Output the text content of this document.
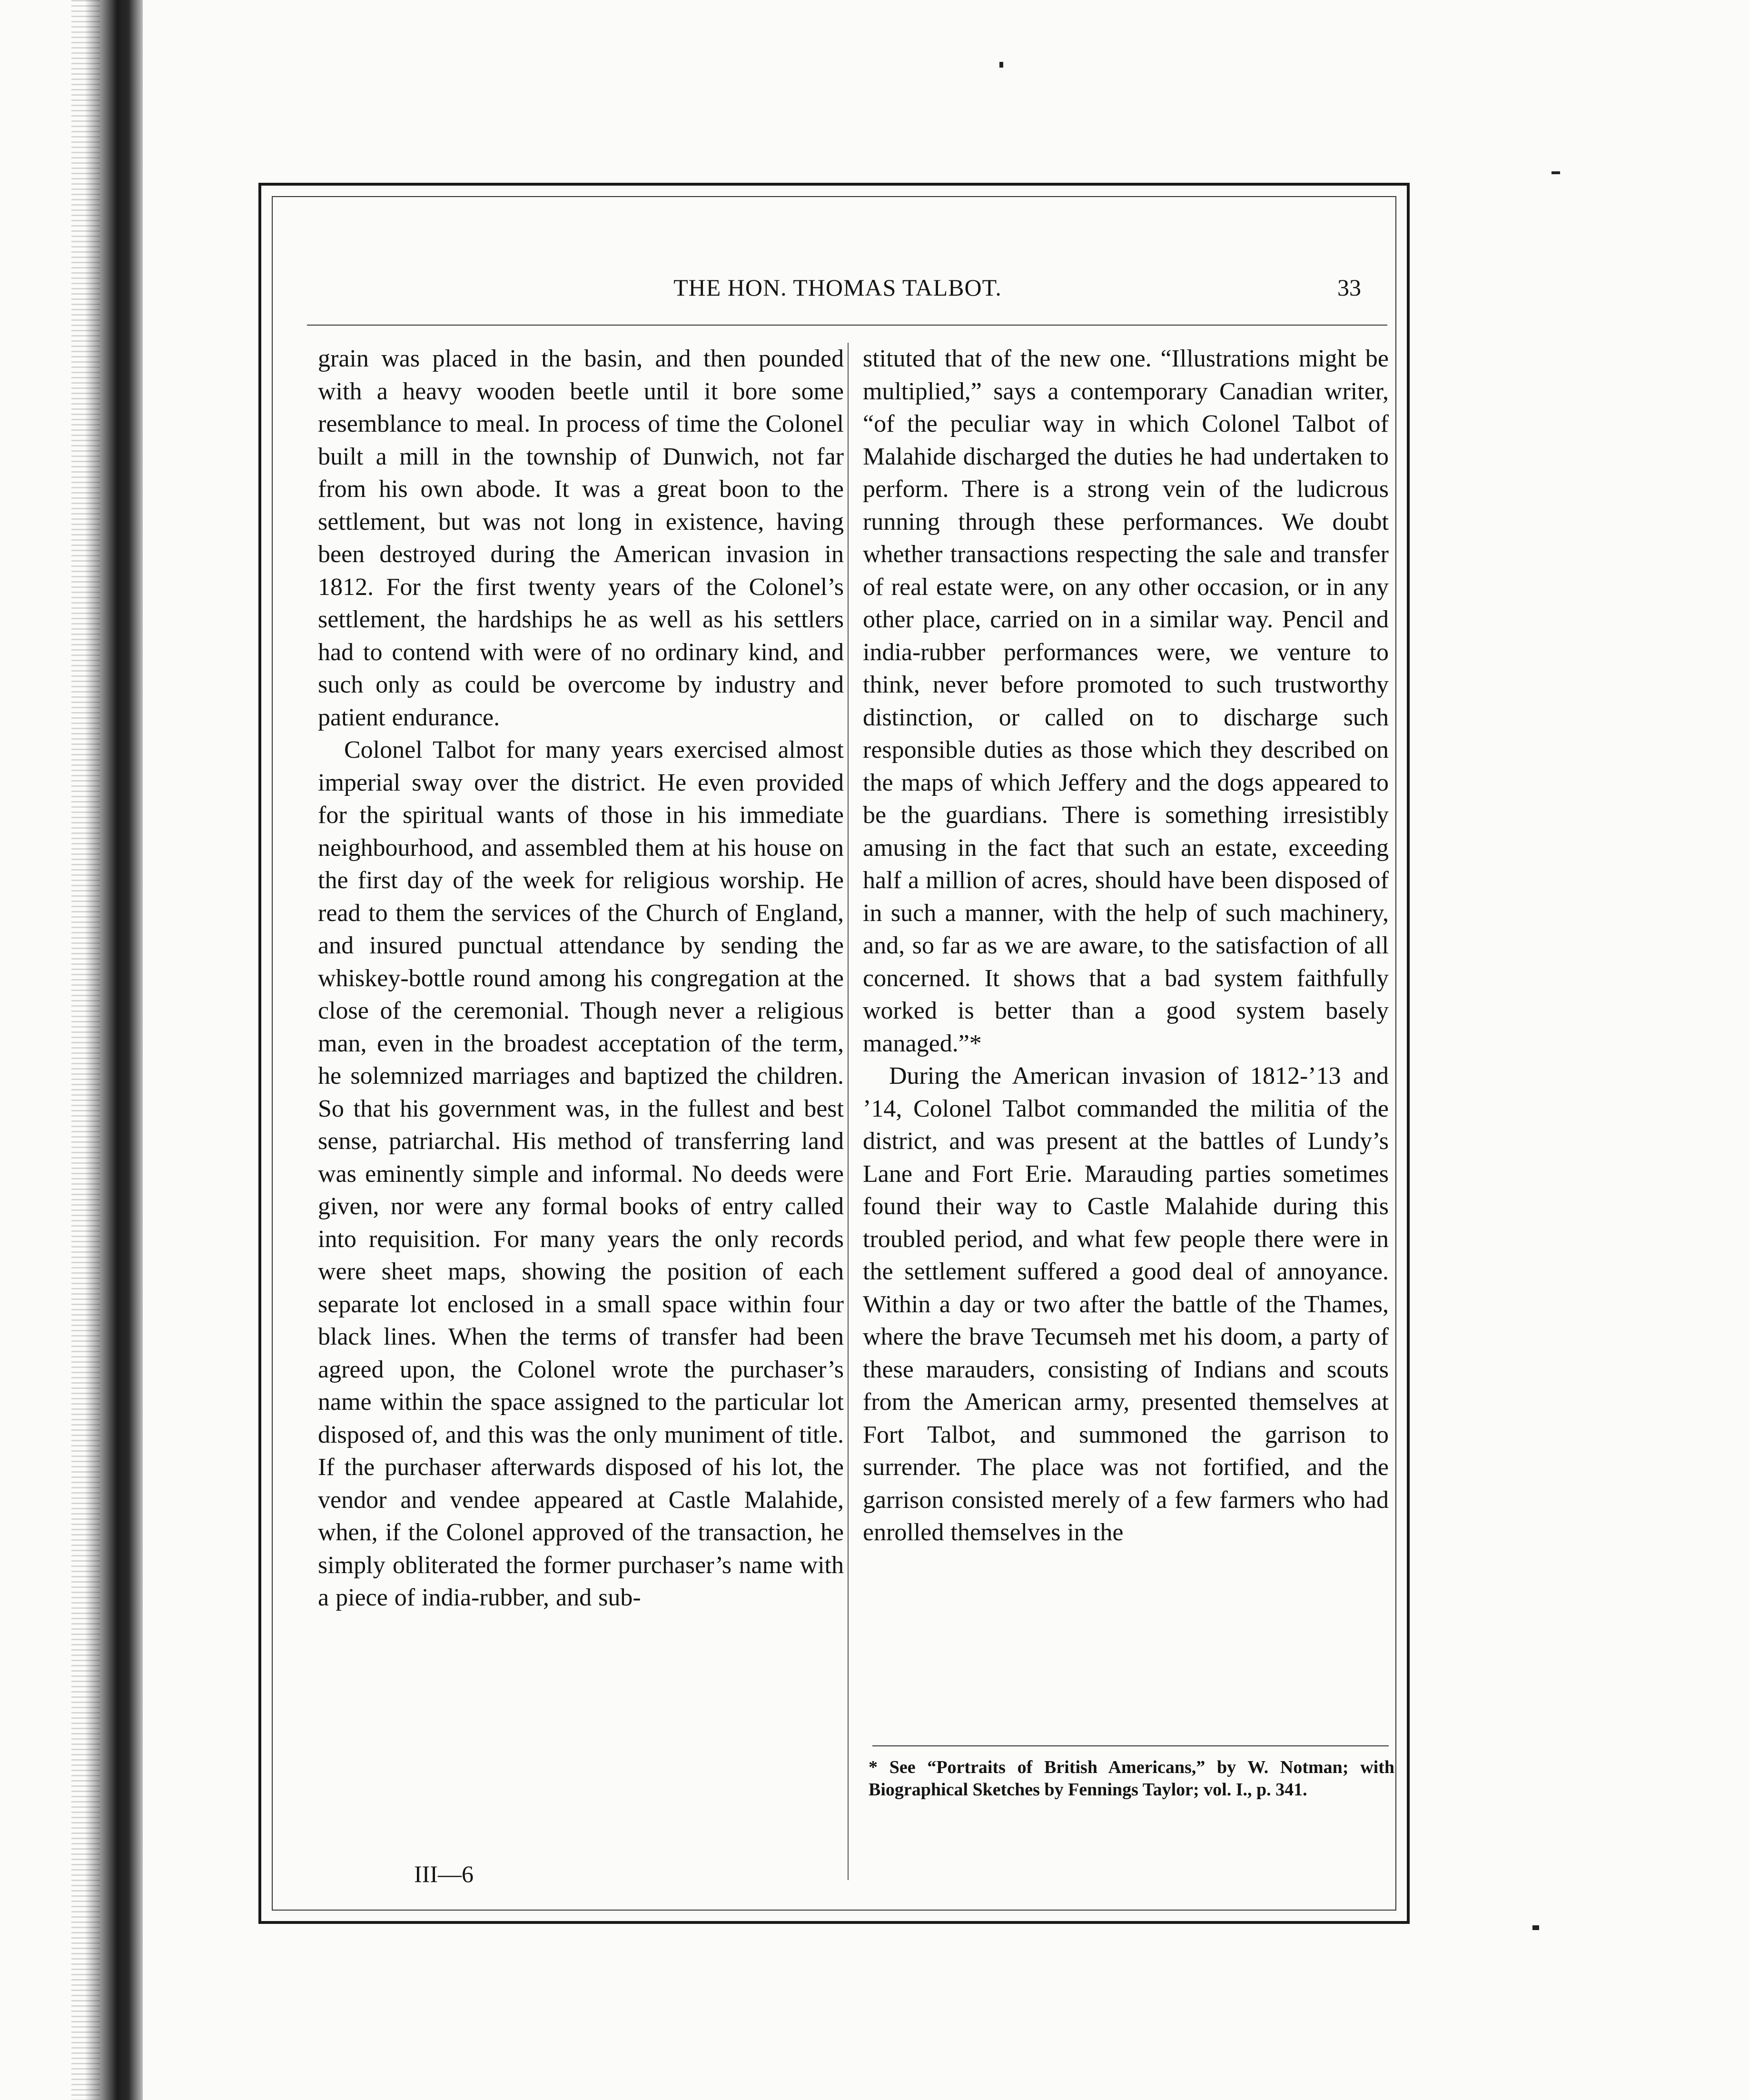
THE HON. THOMAS TALBOT.	33

grain was placed in the basin, and then pounded with a heavy wooden beetle until it bore some resemblance to meal. In process of time the Colonel built a mill in the township of Dunwich, not far from his own abode. It was a great boon to the settlement, but was not long in existence, having been destroyed during the American invasion in 1812. For the first twenty years of the Colonel’s settlement, the hardships he as well as his settlers had to contend with were of no ordinary kind, and such only as could be overcome by industry and patient endurance.

Colonel Talbot for many years exercised almost imperial sway over the district. He even provided for the spiritual wants of those in his immediate neighbourhood, and assembled them at his house on the first day of the week for religious worship. He read to them the services of the Church of England, and insured punctual attendance by sending the whiskey-bottle round among his congregation at the close of the ceremonial. Though never a religious man, even in the broadest acceptation of the term, he solemnized marriages and baptized the children. So that his government was, in the fullest and best sense, patriarchal. His method of transferring land was eminently simple and informal. No deeds were given, nor were any formal books of entry called into requisition. For many years the only records were sheet maps, showing the position of each separate lot enclosed in a small space within four black lines. When the terms of transfer had been agreed upon, the Colonel wrote the purchaser’s name within the space assigned to the particular lot disposed of, and this was the only muniment of title. If the purchaser afterwards disposed of his lot, the vendor and vendee appeared at Castle Malahide, when, if the Colonel approved of the transaction, he simply obliterated the former purchaser’s name with a piece of india-rubber, and sub-

stituted that of the new one. “Illustrations might be multiplied,” says a contemporary Canadian writer, “of the peculiar way in which Colonel Talbot of Malahide discharged the duties he had undertaken to perform. There is a strong vein of the ludicrous running through these performances. We doubt whether transactions respecting the sale and transfer of real estate were, on any other occasion, or in any other place, carried on in a similar way. Pencil and india-rubber performances were, we venture to think, never before promoted to such trustworthy distinction, or called on to discharge such responsible duties as those which they described on the maps of which Jeffery and the dogs appeared to be the guardians. There is something irresistibly amusing in the fact that such an estate, exceeding half a million of acres, should have been disposed of in such a manner, with the help of such machinery, and, so far as we are aware, to the satisfaction of all concerned. It shows that a bad system faithfully worked is better than a good system basely managed.”*

During the American invasion of 1812-’13 and ’14, Colonel Talbot commanded the militia of the district, and was present at the battles of Lundy’s Lane and Fort Erie. Marauding parties sometimes found their way to Castle Malahide during this troubled period, and what few people there were in the settlement suffered a good deal of annoyance. Within a day or two after the battle of the Thames, where the brave Tecumseh met his doom, a party of these marauders, consisting of Indians and scouts from the American army, presented themselves at Fort Talbot, and summoned the garrison to surrender. The place was not fortified, and the garrison consisted merely of a few farmers who had enrolled themselves in the

* See “Portraits of British Americans,” by W. Notman; with Biographical Sketches by Fennings Taylor; vol. I., p. 341.
III—6
